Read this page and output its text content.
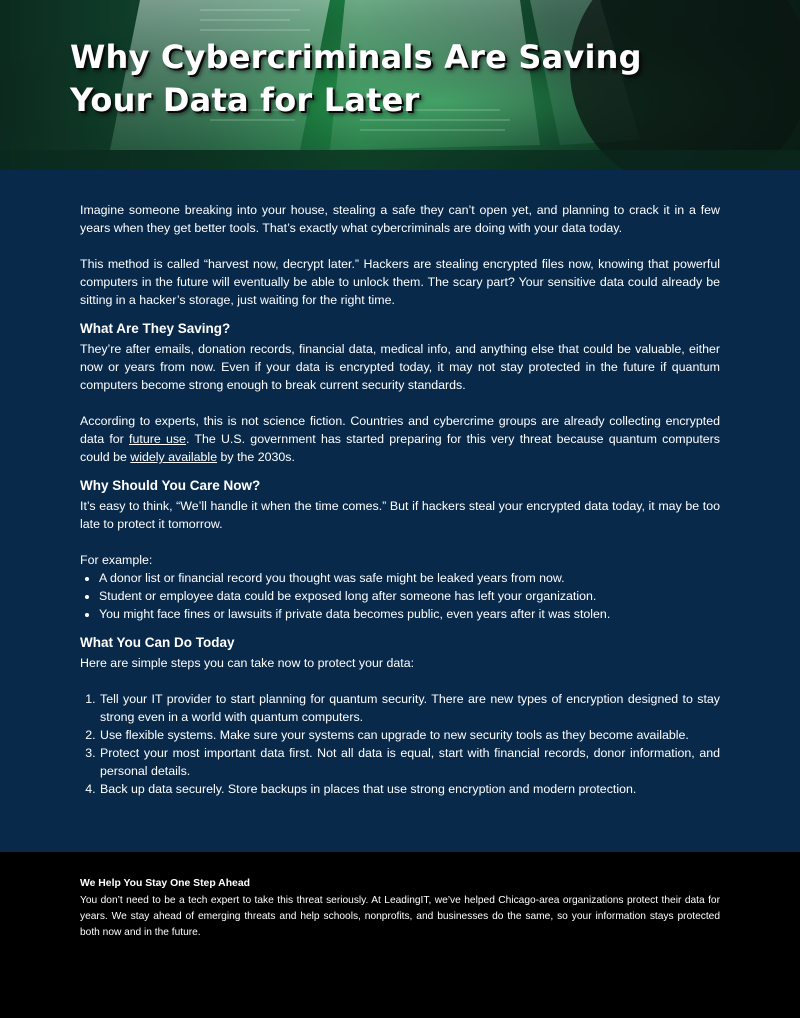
Why Cybercriminals Are Saving Your Data for Later

Imagine someone breaking into your house, stealing a safe they can’t open yet, and planning to crack it in a few years when they get better tools. That’s exactly what cybercriminals are doing with your data today.

This method is called “harvest now, decrypt later.” Hackers are stealing encrypted files now, knowing that powerful computers in the future will eventually be able to unlock them. The scary part? Your sensitive data could already be sitting in a hacker’s storage, just waiting for the right time.

What Are They Saving?

They’re after emails, donation records, financial data, medical info, and anything else that could be valuable, either now or years from now. Even if your data is encrypted today, it may not stay protected in the future if quantum computers become strong enough to break current security standards.

According to experts, this is not science fiction. Countries and cybercrime groups are already collecting encrypted data for future use. The U.S. government has started preparing for this very threat because quantum computers could be widely available by the 2030s.

Why Should You Care Now?

It’s easy to think, “We’ll handle it when the time comes.” But if hackers steal your encrypted data today, it may be too late to protect it tomorrow.

For example:

• A donor list or financial record you thought was safe might be leaked years from now.
• Student or employee data could be exposed long after someone has left your organization.
• You might face fines or lawsuits if private data becomes public, even years after it was stolen.
What You Can Do Today

Here are simple steps you can take now to protect your data:

1. Tell your IT provider to start planning for quantum security. There are new types of encryption designed to stay strong even in a world with quantum computers.
2. Use flexible systems. Make sure your systems can upgrade to new security tools as they become available.
3. Protect your most important data first. Not all data is equal, start with financial records, donor information, and personal details.
4. Back up data securely. Store backups in places that use strong encryption and modern protection.
We Help You Stay One Step Ahead

You don’t need to be a tech expert to take this threat seriously. At LeadingIT, we’ve helped Chicago-area organizations protect their data for years. We stay ahead of emerging threats and help schools, nonprofits, and businesses do the same, so your information stays protected both now and in the future.
